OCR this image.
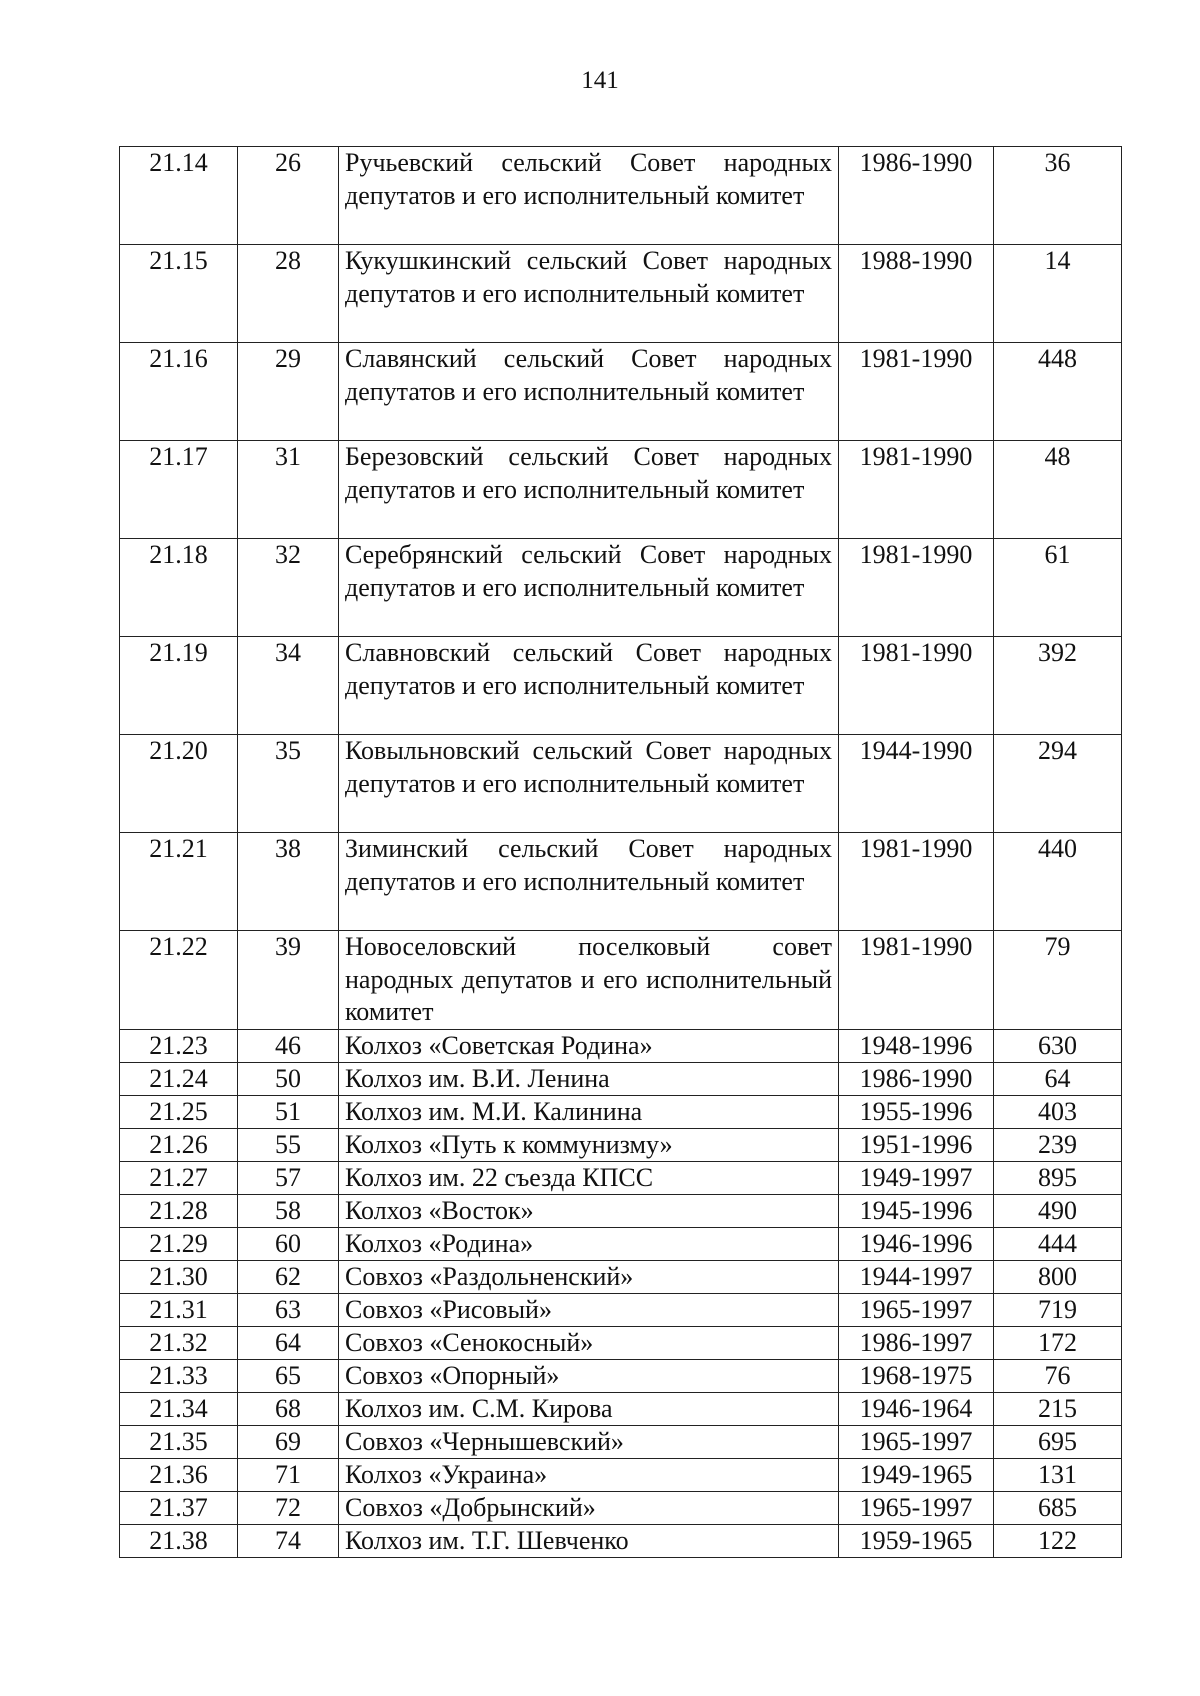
141
21.14	26	Ручьевский сельский Совет народных депутатов и его исполнительный комитет	1986-1990	36
21.15	28	Кукушкинский сельский Совет народных депутатов и его исполнительный комитет	1988-1990	14
21.16	29	Славянский сельский Совет народных депутатов и его исполнительный комитет	1981-1990	448
21.17	31	Березовский сельский Совет народных депутатов и его исполнительный комитет	1981-1990	48
21.18	32	Серебрянский сельский Совет народных депутатов и его исполнительный комитет	1981-1990	61
21.19	34	Славновский сельский Совет народных депутатов и его исполнительный комитет	1981-1990	392
21.20	35	Ковыльновский сельский Совет народных депутатов и его исполнительный комитет	1944-1990	294
21.21	38	Зиминский сельский Совет народных депутатов и его исполнительный комитет	1981-1990	440
21.22	39	Новоселовский поселковый совет народных депутатов и его исполнительный комитет	1981-1990	79
21.23	46	Колхоз «Советская Родина»	1948-1996	630
21.24	50	Колхоз им. В.И. Ленина	1986-1990	64
21.25	51	Колхоз им. М.И. Калинина	1955-1996	403
21.26	55	Колхоз «Путь к коммунизму»	1951-1996	239
21.27	57	Колхоз им. 22 съезда КПСС	1949-1997	895
21.28	58	Колхоз «Восток»	1945-1996	490
21.29	60	Колхоз «Родина»	1946-1996	444
21.30	62	Совхоз «Раздольненский»	1944-1997	800
21.31	63	Совхоз «Рисовый»	1965-1997	719
21.32	64	Совхоз «Сенокосный»	1986-1997	172
21.33	65	Совхоз «Опорный»	1968-1975	76
21.34	68	Колхоз им. С.М. Кирова	1946-1964	215
21.35	69	Совхоз «Чернышевский»	1965-1997	695
21.36	71	Колхоз «Украина»	1949-1965	131
21.37	72	Совхоз «Добрынский»	1965-1997	685
21.38	74	Колхоз им. Т.Г. Шевченко	1959-1965	122
